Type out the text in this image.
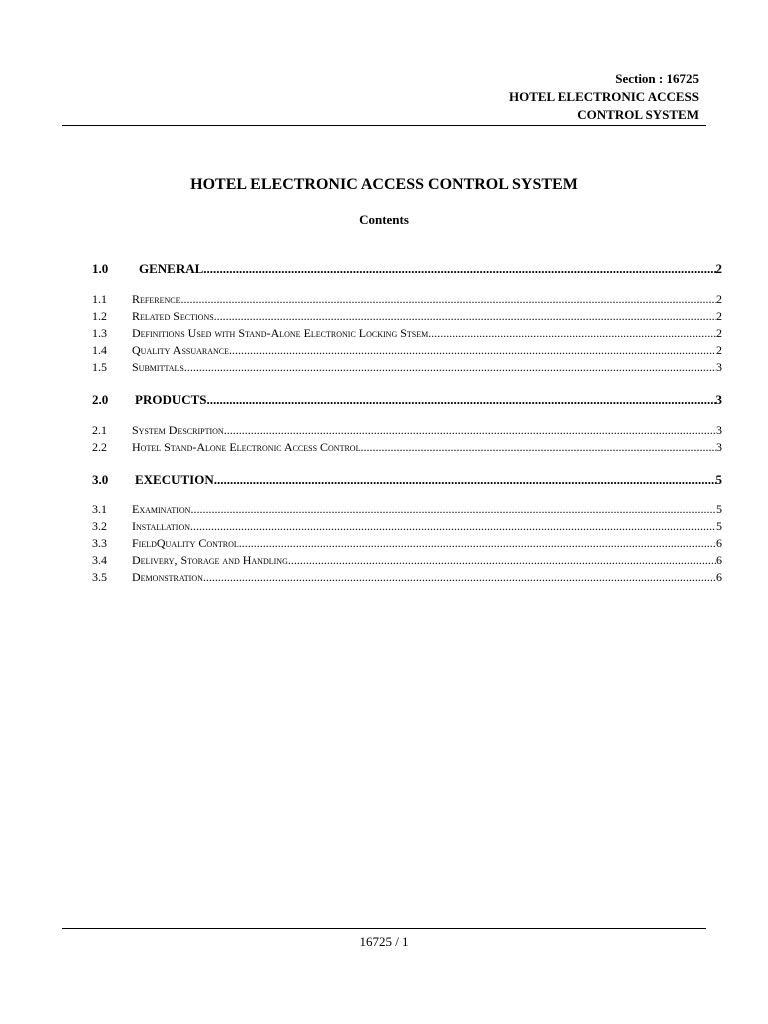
Section : 16725
HOTEL ELECTRONIC ACCESS
CONTROL SYSTEM
HOTEL ELECTRONIC ACCESS CONTROL SYSTEM
Contents
1.0	GENERAL .....	2
1.1	Reference .....	2
1.2	Related Sections .....	2
1.3	Definitions Used with Stand-Alone Electronic Locking Stsem .....	2
1.4	Quality Assuarance .....	2
1.5	Submittals .....	3
2.0	PRODUCTS .....	3
2.1	System Description .....	3
2.2	Hotel Stand-Alone Electronic Access Control .....	3
3.0	EXECUTION .....	5
3.1	Examination .....	5
3.2	Installation .....	5
3.3	FieldQuality Control .....	6
3.4	Delivery, Storage and Handling .....	6
3.5	Demonstration .....	6
16725 / 1
